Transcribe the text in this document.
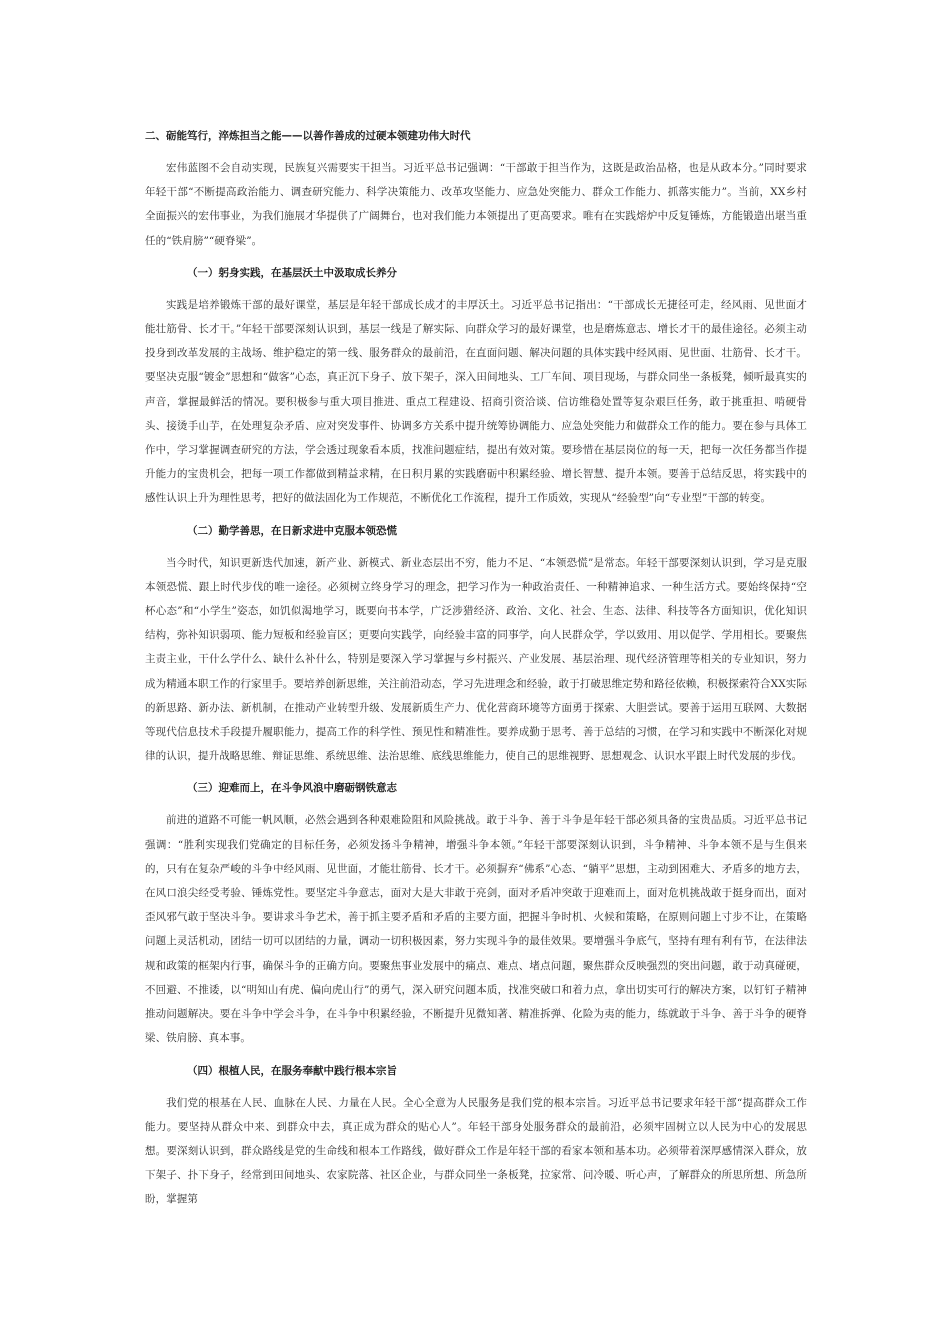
二、砺能笃行，淬炼担当之能——以善作善成的过硬本领建功伟大时代

宏伟蓝图不会自动实现，民族复兴需要实干担当。习近平总书记强调：“干部敢于担当作为，这既是政治品格，也是从政本分。”同时要求年轻干部“不断提高政治能力、调查研究能力、科学决策能力、改革攻坚能力、应急处突能力、群众工作能力、抓落实能力”。当前，XX乡村全面振兴的宏伟事业，为我们施展才华提供了广阔舞台，也对我们能力本领提出了更高要求。唯有在实践熔炉中反复锤炼，方能锻造出堪当重任的“铁肩膀”“硬脊梁”。

（一）躬身实践，在基层沃土中汲取成长养分

实践是培养锻炼干部的最好课堂，基层是年轻干部成长成才的丰厚沃土。习近平总书记指出：“干部成长无捷径可走，经风雨、见世面才能壮筋骨、长才干。”年轻干部要深刻认识到，基层一线是了解实际、向群众学习的最好课堂，也是磨炼意志、增长才干的最佳途径。必须主动投身到改革发展的主战场、维护稳定的第一线、服务群众的最前沿，在直面问题、解决问题的具体实践中经风雨、见世面、壮筋骨、长才干。要坚决克服“镀金”思想和“做客”心态，真正沉下身子、放下架子，深入田间地头、工厂车间、项目现场，与群众同坐一条板凳，倾听最真实的声音，掌握最鲜活的情况。要积极参与重大项目推进、重点工程建设、招商引资洽谈、信访维稳处置等复杂艰巨任务，敢于挑重担、啃硬骨头、接烫手山芋，在处理复杂矛盾、应对突发事件、协调多方关系中提升统筹协调能力、应急处突能力和做群众工作的能力。要在参与具体工作中，学习掌握调查研究的方法，学会透过现象看本质，找准问题症结，提出有效对策。要珍惜在基层岗位的每一天，把每一次任务都当作提升能力的宝贵机会，把每一项工作都做到精益求精，在日积月累的实践磨砺中积累经验、增长智慧、提升本领。要善于总结反思，将实践中的感性认识上升为理性思考，把好的做法固化为工作规范，不断优化工作流程，提升工作质效，实现从“经验型”向“专业型”干部的转变。

（二）勤学善思，在日新求进中克服本领恐慌

当今时代，知识更新迭代加速，新产业、新模式、新业态层出不穷，能力不足、“本领恐慌”是常态。年轻干部要深刻认识到，学习是克服本领恐慌、跟上时代步伐的唯一途径。必须树立终身学习的理念，把学习作为一种政治责任、一种精神追求、一种生活方式。要始终保持“空杯心态”和“小学生”姿态，如饥似渴地学习，既要向书本学，广泛涉猎经济、政治、文化、社会、生态、法律、科技等各方面知识，优化知识结构，弥补知识弱项、能力短板和经验盲区；更要向实践学，向经验丰富的同事学，向人民群众学，学以致用、用以促学、学用相长。要聚焦主责主业，干什么学什么、缺什么补什么，特别是要深入学习掌握与乡村振兴、产业发展、基层治理、现代经济管理等相关的专业知识，努力成为精通本职工作的行家里手。要培养创新思维，关注前沿动态，学习先进理念和经验，敢于打破思维定势和路径依赖，积极探索符合XX实际的新思路、新办法、新机制，在推动产业转型升级、发展新质生产力、优化营商环境等方面勇于探索、大胆尝试。要善于运用互联网、大数据等现代信息技术手段提升履职能力，提高工作的科学性、预见性和精准性。要养成勤于思考、善于总结的习惯，在学习和实践中不断深化对规律的认识，提升战略思维、辩证思维、系统思维、法治思维、底线思维能力，使自己的思维视野、思想观念、认识水平跟上时代发展的步伐。

（三）迎难而上，在斗争风浪中磨砺钢铁意志

前进的道路不可能一帆风顺，必然会遇到各种艰难险阻和风险挑战。敢于斗争、善于斗争是年轻干部必须具备的宝贵品质。习近平总书记强调：“胜利实现我们党确定的目标任务，必须发扬斗争精神，增强斗争本领。”年轻干部要深刻认识到，斗争精神、斗争本领不是与生俱来的，只有在复杂严峻的斗争中经风雨、见世面，才能壮筋骨、长才干。必须摒弃“佛系”心态、“躺平”思想，主动到困难大、矛盾多的地方去，在风口浪尖经受考验、锤炼党性。要坚定斗争意志，面对大是大非敢于亮剑，面对矛盾冲突敢于迎难而上，面对危机挑战敢于挺身而出，面对歪风邪气敢于坚决斗争。要讲求斗争艺术，善于抓主要矛盾和矛盾的主要方面，把握斗争时机、火候和策略，在原则问题上寸步不让，在策略问题上灵活机动，团结一切可以团结的力量，调动一切积极因素，努力实现斗争的最佳效果。要增强斗争底气，坚持有理有利有节，在法律法规和政策的框架内行事，确保斗争的正确方向。要聚焦事业发展中的痛点、难点、堵点问题，聚焦群众反映强烈的突出问题，敢于动真碰硬，不回避、不推诿，以“明知山有虎、偏向虎山行”的勇气，深入研究问题本质，找准突破口和着力点，拿出切实可行的解决方案，以钉钉子精神推动问题解决。要在斗争中学会斗争，在斗争中积累经验，不断提升见微知著、精准拆弹、化险为夷的能力，练就敢于斗争、善于斗争的硬脊梁、铁肩膀、真本事。

（四）根植人民，在服务奉献中践行根本宗旨

我们党的根基在人民、血脉在人民、力量在人民。全心全意为人民服务是我们党的根本宗旨。习近平总书记要求年轻干部“提高群众工作能力。要坚持从群众中来、到群众中去，真正成为群众的贴心人”。年轻干部身处服务群众的最前沿，必须牢固树立以人民为中心的发展思想。要深刻认识到，群众路线是党的生命线和根本工作路线，做好群众工作是年轻干部的看家本领和基本功。必须带着深厚感情深入群众，放下架子、扑下身子，经常到田间地头、农家院落、社区企业，与群众同坐一条板凳，拉家常、问冷暖、听心声，了解群众的所思所想、所急所盼，掌握第
